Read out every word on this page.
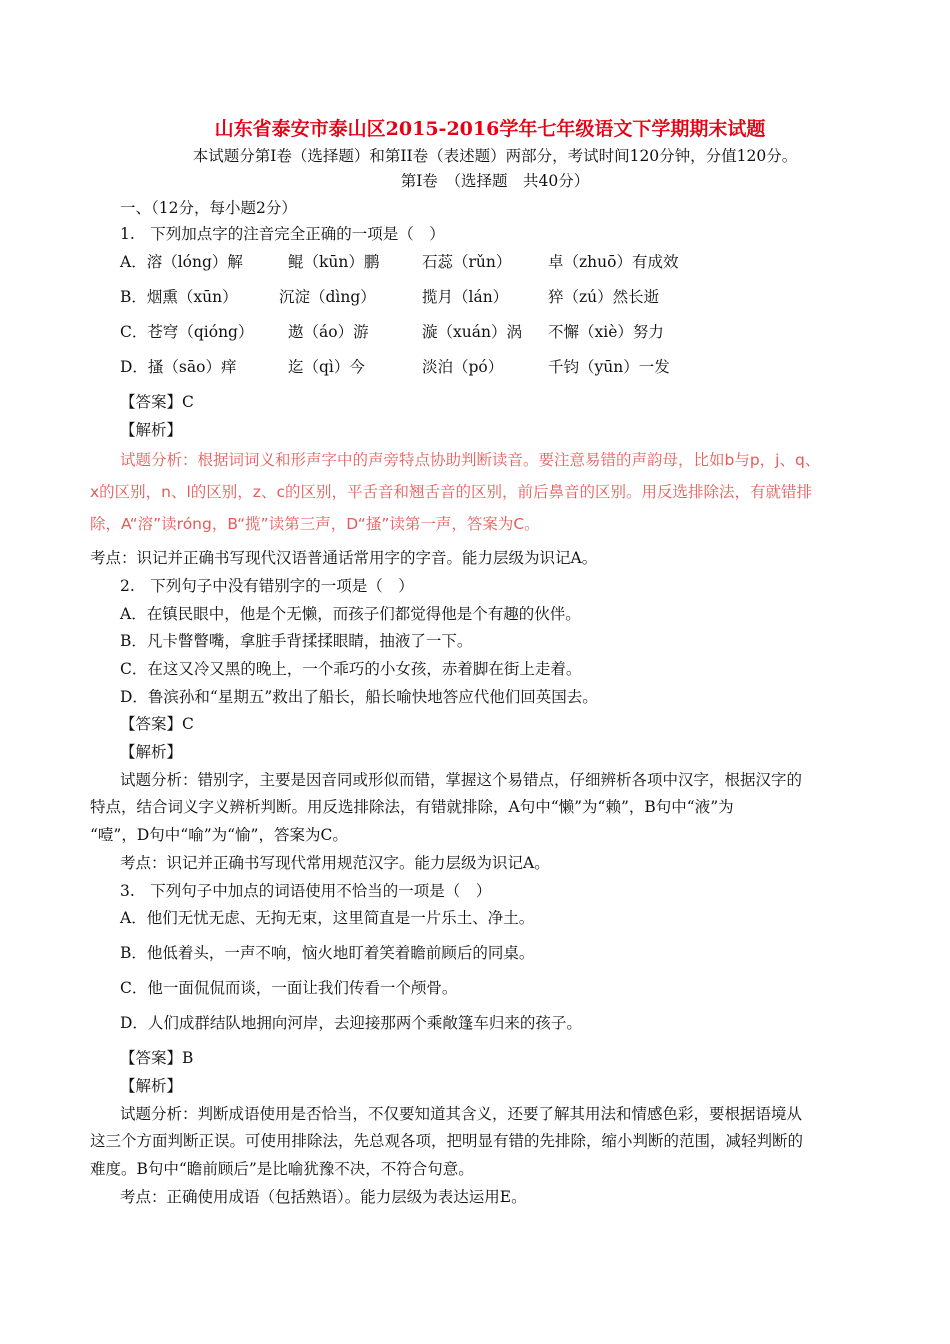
山东省泰安市泰山区2015-2016学年七年级语文下学期期末试题
本试题分第I卷（选择题）和第II卷（表述题）两部分，考试时间120分钟，分值120分。
第I卷　（选择题　共40分）
一、（12分，每小题2分）
1.　下列加点字的注音完全正确的一项是（　）
A．溶（lóng）解	鲲（kūn）鹏	石蕊（rǔn） 卓（zhuō）有成效
B．烟熏（xūn）	沉淀（dìng）	揽月（lán）	猝（zú）然长逝
C．苍穹（qióng） 遨（áo）游	漩（xuán）涡 不懈（xiè）努力
D．搔（sāo）痒	迄（qì）今	淡泊（pó）	千钧（yūn）一发
【答案】C
【解析】
试题分析：根据词词义和形声字中的声旁特点协助判断读音。要注意易错的声韵母，比如b与p，j、q、
x的区别，n、l的区别，z、c的区别，平舌音和翘舌音的区别，前后鼻音的区别。用反选排除法，有就错排
除，A“溶”读róng，B“揽”读第三声，D“搔”读第一声，答案为C。
考点：识记并正确书写现代汉语普通话常用字的字音。能力层级为识记A。
2.　下列句子中没有错别字的一项是（　）
A．在镇民眼中，他是个无懒，而孩子们都觉得他是个有趣的伙伴。
B．凡卡瞥瞥嘴，拿脏手背揉揉眼睛，抽液了一下。
C．在这又冷又黑的晚上，一个乖巧的小女孩，赤着脚在街上走着。
D．鲁滨孙和“星期五”救出了船长，船长喻快地答应代他们回英国去。
【答案】C
【解析】
试题分析：错别字，主要是因音同或形似而错，掌握这个易错点，仔细辨析各项中汉字，根据汉字的
特点，结合词义字义辨析判断。用反选排除法，有错就排除，A句中“懒”为“赖”，B句中“液”为
“噎”，D句中“喻”为“愉”，答案为C。
考点：识记并正确书写现代常用规范汉字。能力层级为识记A。
3.　下列句子中加点的词语使用不恰当的一项是（　）
A．他们无忧无虑、无拘无束，这里简直是一片乐土、净土。
B．他低着头，一声不响，恼火地盯着笑着瞻前顾后的同桌。
C．他一面侃侃而谈，一面让我们传看一个颅骨。
D．人们成群结队地拥向河岸，去迎接那两个乘敞篷车归来的孩子。
【答案】B
【解析】
试题分析：判断成语使用是否恰当，不仅要知道其含义，还要了解其用法和情感色彩，要根据语境从
这三个方面判断正误。可使用排除法，先总观各项，把明显有错的先排除，缩小判断的范围，减轻判断的
难度。B句中“瞻前顾后”是比喻犹豫不决，不符合句意。
考点：正确使用成语（包括熟语）。能力层级为表达运用E。
